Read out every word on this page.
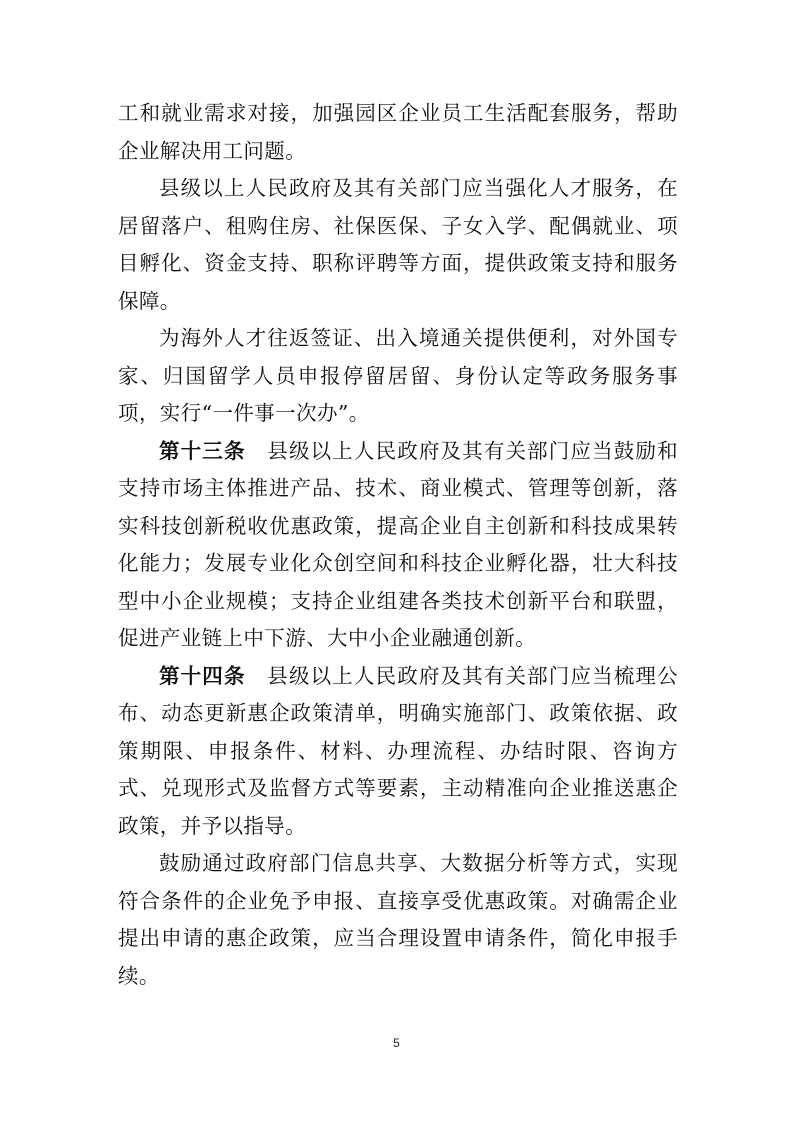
工和就业需求对接，加强园区企业员工生活配套服务，帮助企业解决用工问题。

县级以上人民政府及其有关部门应当强化人才服务，在居留落户、租购住房、社保医保、子女入学、配偶就业、项目孵化、资金支持、职称评聘等方面，提供政策支持和服务保障。

为海外人才往返签证、出入境通关提供便利，对外国专家、归国留学人员申报停留居留、身份认定等政务服务事项，实行“一件事一次办”。

第十三条  县级以上人民政府及其有关部门应当鼓励和支持市场主体推进产品、技术、商业模式、管理等创新，落实科技创新税收优惠政策，提高企业自主创新和科技成果转化能力；发展专业化众创空间和科技企业孵化器，壮大科技型中小企业规模；支持企业组建各类技术创新平台和联盟，促进产业链上中下游、大中小企业融通创新。

第十四条  县级以上人民政府及其有关部门应当梳理公布、动态更新惠企政策清单，明确实施部门、政策依据、政策期限、申报条件、材料、办理流程、办结时限、咨询方式、兑现形式及监督方式等要素，主动精准向企业推送惠企政策，并予以指导。

鼓励通过政府部门信息共享、大数据分析等方式，实现符合条件的企业免予申报、直接享受优惠政策。对确需企业提出申请的惠企政策，应当合理设置申请条件，简化申报手续。

5
